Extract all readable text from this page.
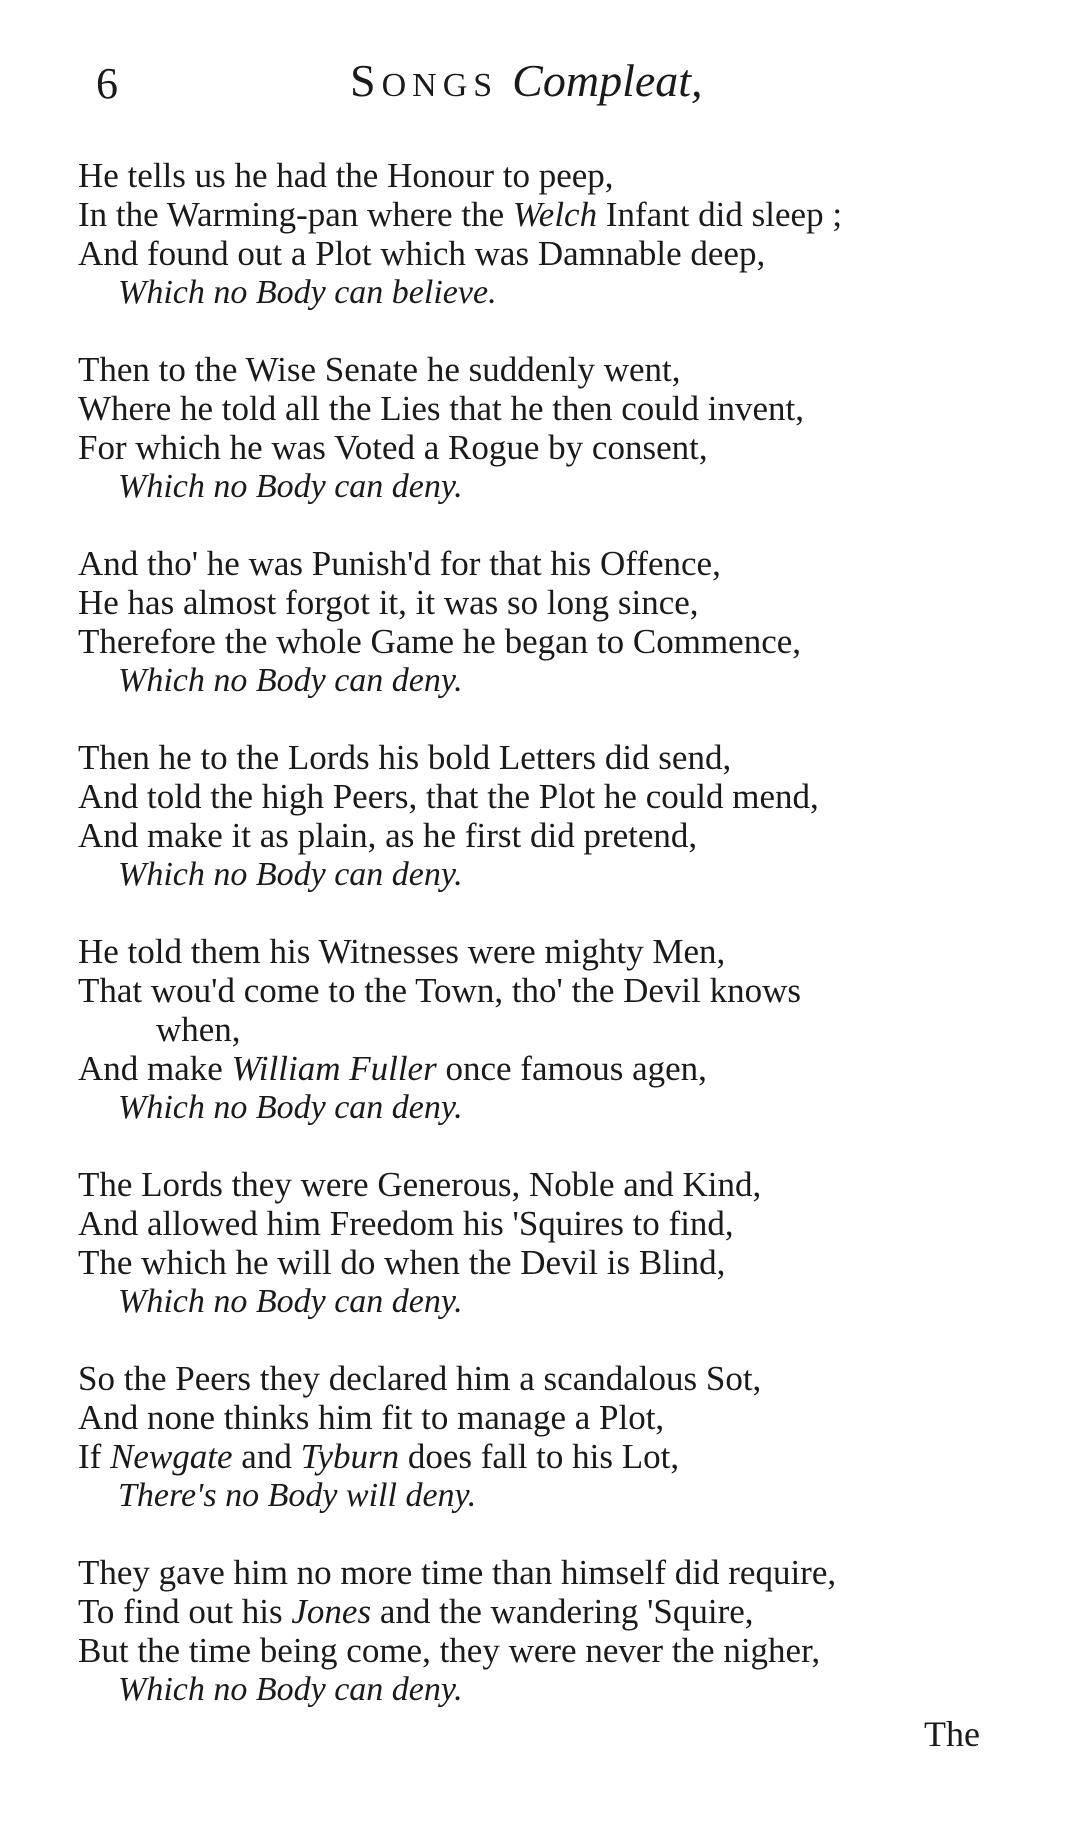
6	SONGS Compleat,
He tells us he had the Honour to peep,
In the Warming-pan where the Welch Infant did sleep ;
And found out a Plot which was Damnable deep,
Which no Body can believe.
Then to the Wise Senate he suddenly went,
Where he told all the Lies that he then could invent,
For which he was Voted a Rogue by consent,
Which no Body can deny.
And tho' he was Punish'd for that his Offence,
He has almost forgot it, it was so long since,
Therefore the whole Game he began to Commence,
Which no Body can deny.
Then he to the Lords his bold Letters did send,
And told the high Peers, that the Plot he could mend,
And make it as plain, as he first did pretend,
Which no Body can deny.
He told them his Witnesses were mighty Men,
That wou'd come to the Town, tho' the Devil knows
when,
And make William Fuller once famous agen,
Which no Body can deny.
The Lords they were Generous, Noble and Kind,
And allowed him Freedom his 'Squires to find,
The which he will do when the Devil is Blind,
Which no Body can deny.
So the Peers they declared him a scandalous Sot,
And none thinks him fit to manage a Plot,
If Newgate and Tyburn does fall to his Lot,
There's no Body will deny.
They gave him no more time than himself did require,
To find out his Jones and the wandering 'Squire,
But the time being come, they were never the nigher,
Which no Body can deny.
The
